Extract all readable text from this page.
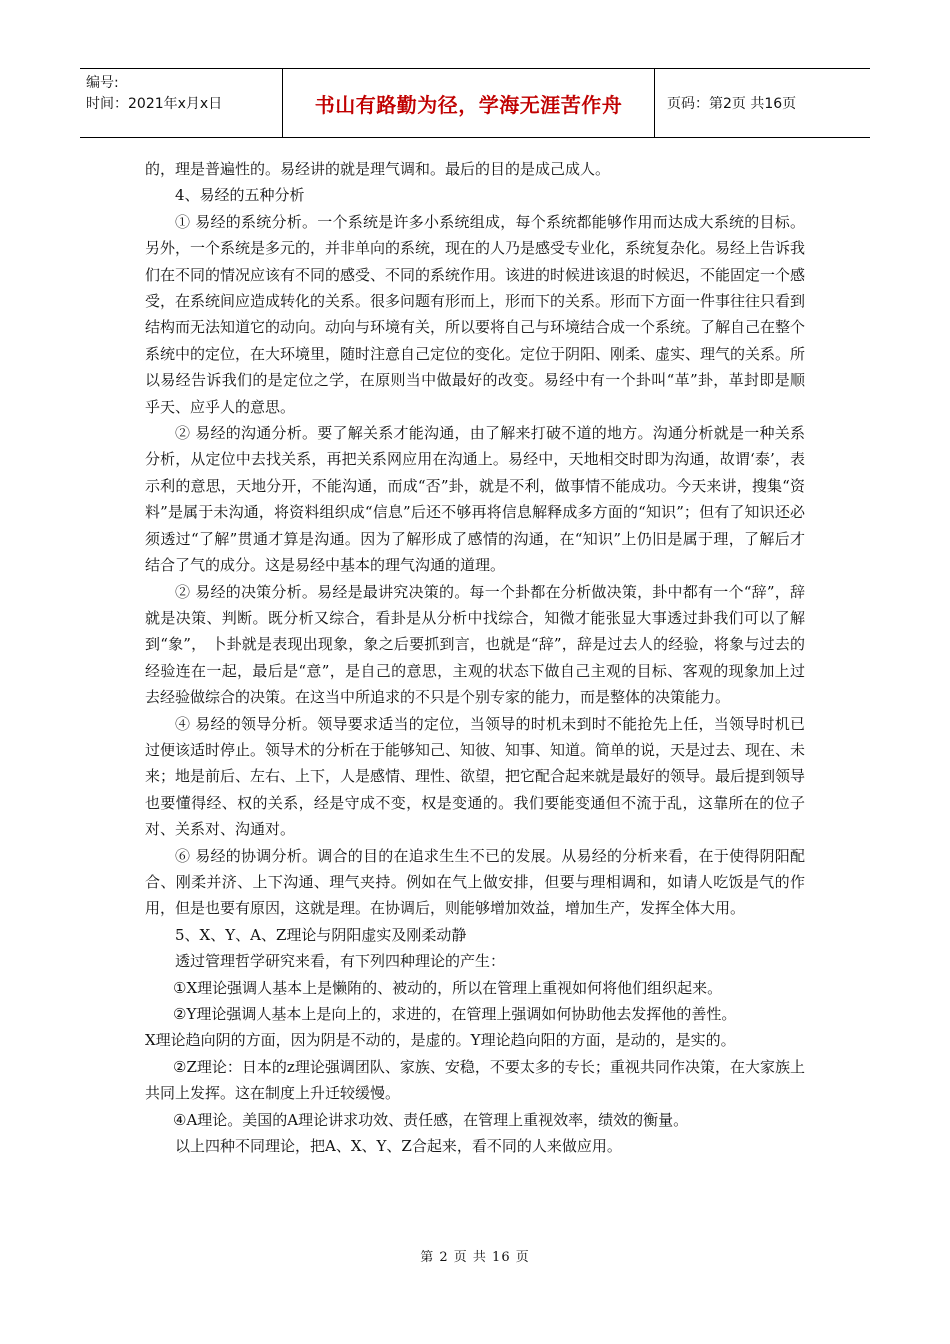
编号:
时间：2021年x月x日	书山有路勤为径，学海无涯苦作舟	页码：第2页 共16页

的，理是普遍性的。易经讲的就是理气调和。最后的目的是成己成人。

4、易经的五种分析

① 易经的系统分析。一个系统是许多小系统组成，每个系统都能够作用而达成大系统的目标。另外，一个系统是多元的，并非单向的系统，现在的人乃是感受专业化，系统复杂化。易经上告诉我们在不同的情况应该有不同的感受、不同的系统作用。该进的时候进该退的时候迟，不能固定一个感受，在系统间应造成转化的关系。很多问题有形而上，形而下的关系。形而下方面一件事往往只看到结构而无法知道它的动向。动向与环境有关，所以要将自己与环境结合成一个系统。了解自己在整个系统中的定位，在大环境里，随时注意自己定位的变化。定位于阴阳、刚柔、虚实、理气的关系。所以易经告诉我们的是定位之学，在原则当中做最好的改变。易经中有一个卦叫“革”卦，革封即是顺乎天、应乎人的意思。

② 易经的沟通分析。要了解关系才能沟通，由了解来打破不道的地方。沟通分析就是一种关系分析，从定位中去找关系，再把关系网应用在沟通上。易经中，天地相交时即为沟通，故谓‘泰’，表示利的意思，天地分开，不能沟通，而成“否”卦，就是不利，做事情不能成功。今天来讲，搜集“资料”是属于未沟通，将资料组织成“信息”后还不够再将信息解释成多方面的“知识”；但有了知识还必须透过“了解”贯通才算是沟通。因为了解形成了感情的沟通，在“知识”上仍旧是属于理，了解后才结合了气的成分。这是易经中基本的理气沟通的道理。

② 易经的决策分析。易经是最讲究决策的。每一个卦都在分析做决策，卦中都有一个“辞”，辞就是决策、判断。既分析又综合，看卦是从分析中找综合，知微才能张显大事透过卦我们可以了解到“象”， 卜卦就是表现出现象，象之后要抓到言，也就是“辞”，辞是过去人的经验，将象与过去的经验连在一起，最后是“意”，是自己的意思，主观的状态下做自己主观的目标、客观的现象加上过去经验做综合的决策。在这当中所追求的不只是个别专家的能力，而是整体的决策能力。

④ 易经的领导分析。领导要求适当的定位，当领导的时机未到时不能抢先上任，当领导时机已过便该适时停止。领导术的分析在于能够知己、知彼、知事、知道。简单的说，天是过去、现在、未来；地是前后、左右、上下，人是感情、理性、欲望，把它配合起来就是最好的领导。最后提到领导也要懂得经、权的关系，经是守成不变，权是变通的。我们要能变通但不流于乱，这靠所在的位子对、关系对、沟通对。

⑥ 易经的协调分析。调合的目的在追求生生不已的发展。从易经的分析来看，在于使得阴阳配合、刚柔并济、上下沟通、理气夹持。例如在气上做安排，但要与理相调和，如请人吃饭是气的作用，但是也要有原因，这就是理。在协调后，则能够增加效益，增加生产，发挥全体大用。

5、X、Y、A、Z理论与阴阳虚实及刚柔动静

透过管理哲学研究来看，有下列四种理论的产生：

①X理论强调人基本上是懒陏的、被动的，所以在管理上重视如何将他们组织起来。

②Y理论强调人基本上是向上的，求进的，在管理上强调如何协助他去发挥他的善性。

X理论趋向阴的方面，因为阴是不动的，是虚的。Y理论趋向阳的方面，是动的，是实的。

②Z理论：日本的z理论强调团队、家族、安稳，不要太多的专长；重视共同作决策，在大家族上共同上发挥。这在制度上升迁较缓慢。

④A理论。美国的A理论讲求功效、责任感，在管理上重视效率，绩效的衡量。

以上四种不同理论，把A、X、Y、Z合起来，看不同的人来做应用。

第 2 页 共 16 页
